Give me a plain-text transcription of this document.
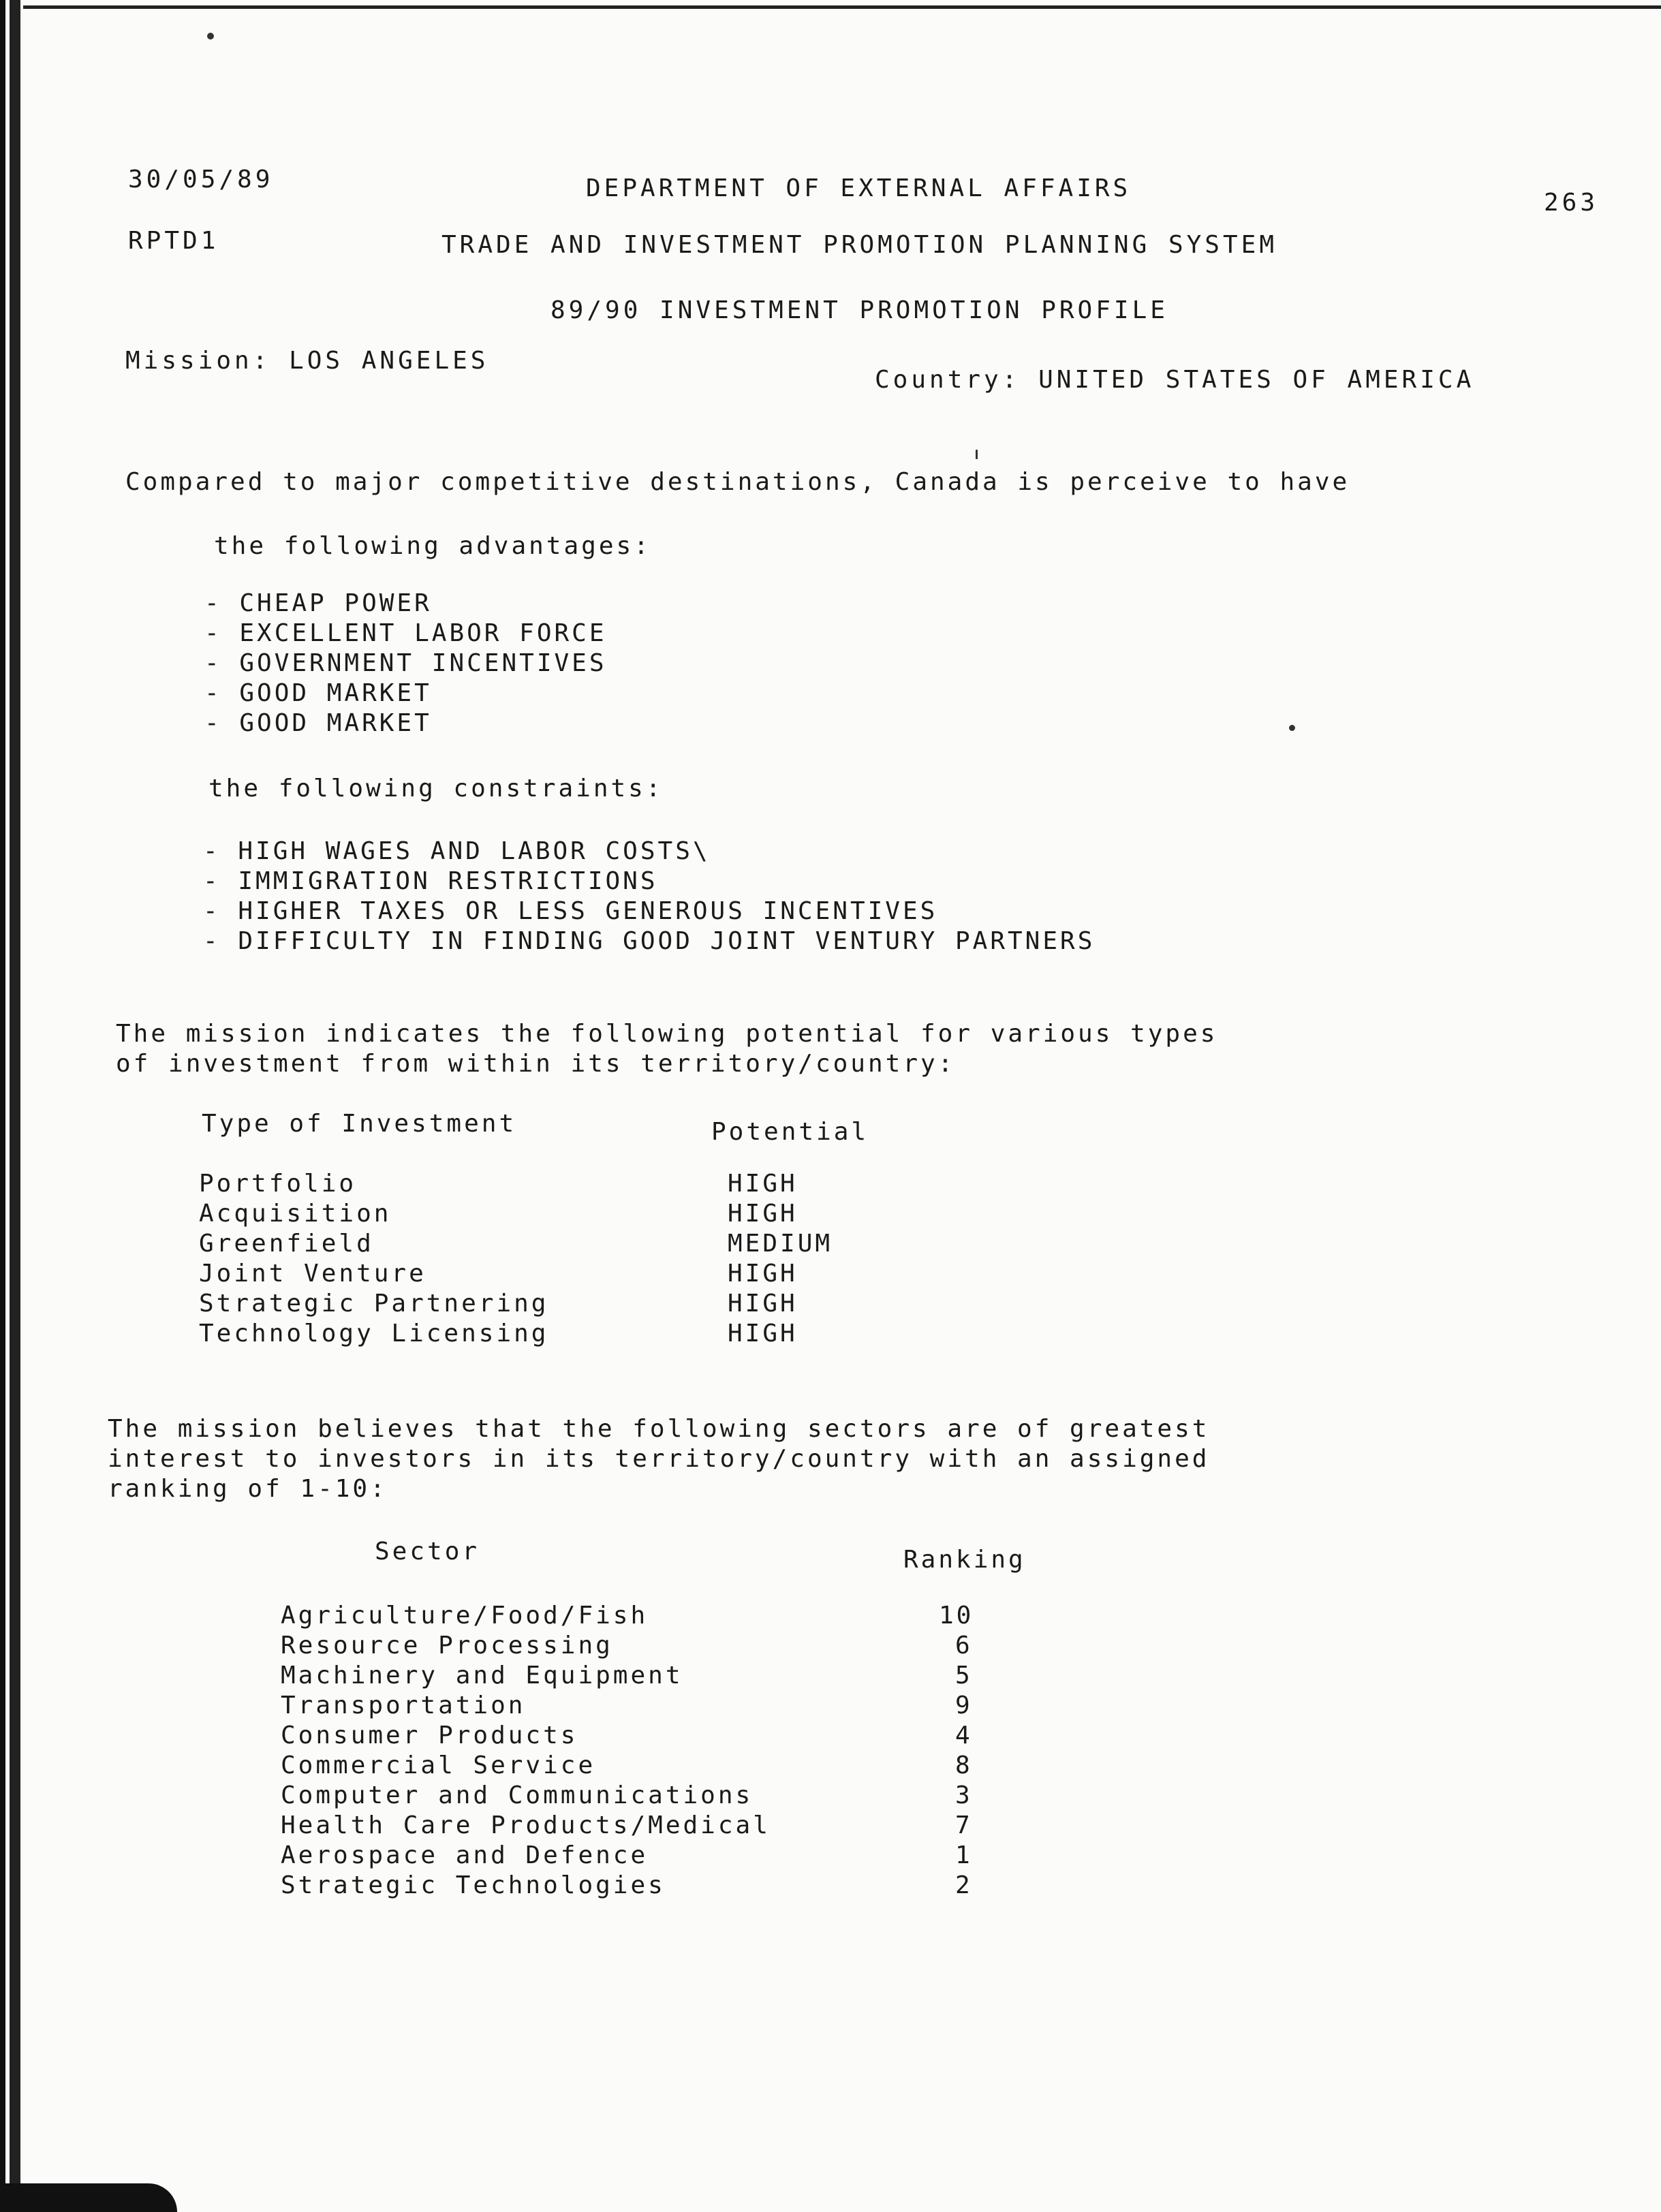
30/05/89	DEPARTMENT OF EXTERNAL AFFAIRS
263
RPTD1	TRADE AND INVESTMENT PROMOTION PLANNING SYSTEM
89/90 INVESTMENT PROMOTION PROFILE
Mission: LOS ANGELES
Country: UNITED STATES OF AMERICA
Compared to major competitive destinations, Canada is perceive to have
the following advantages:
- CHEAP POWER
- EXCELLENT LABOR FORCE
- GOVERNMENT INCENTIVES
- GOOD MARKET
- GOOD MARKET
the following constraints:
- HIGH WAGES AND LABOR COSTS\
- IMMIGRATION RESTRICTIONS
- HIGHER TAXES OR LESS GENEROUS INCENTIVES
- DIFFICULTY IN FINDING GOOD JOINT VENTURY PARTNERS
The mission indicates the following potential for various types
of investment from within its territory/country:
Type of Investment	Potential
Portfolio	HIGH
Acquisition	HIGH
Greenfield	MEDIUM
Joint Venture	HIGH
Strategic Partnering	HIGH
Technology Licensing	HIGH
The mission believes that the following sectors are of greatest
interest to investors in its territory/country with an assigned
ranking of 1-10:
Sector	Ranking
Agriculture/Food/Fish	10
Resource Processing	6
Machinery and Equipment	5
Transportation	9
Consumer Products	4
Commercial Service	8
Computer and Communications	3
Health Care Products/Medical	7
Aerospace and Defence	1
Strategic Technologies	2
